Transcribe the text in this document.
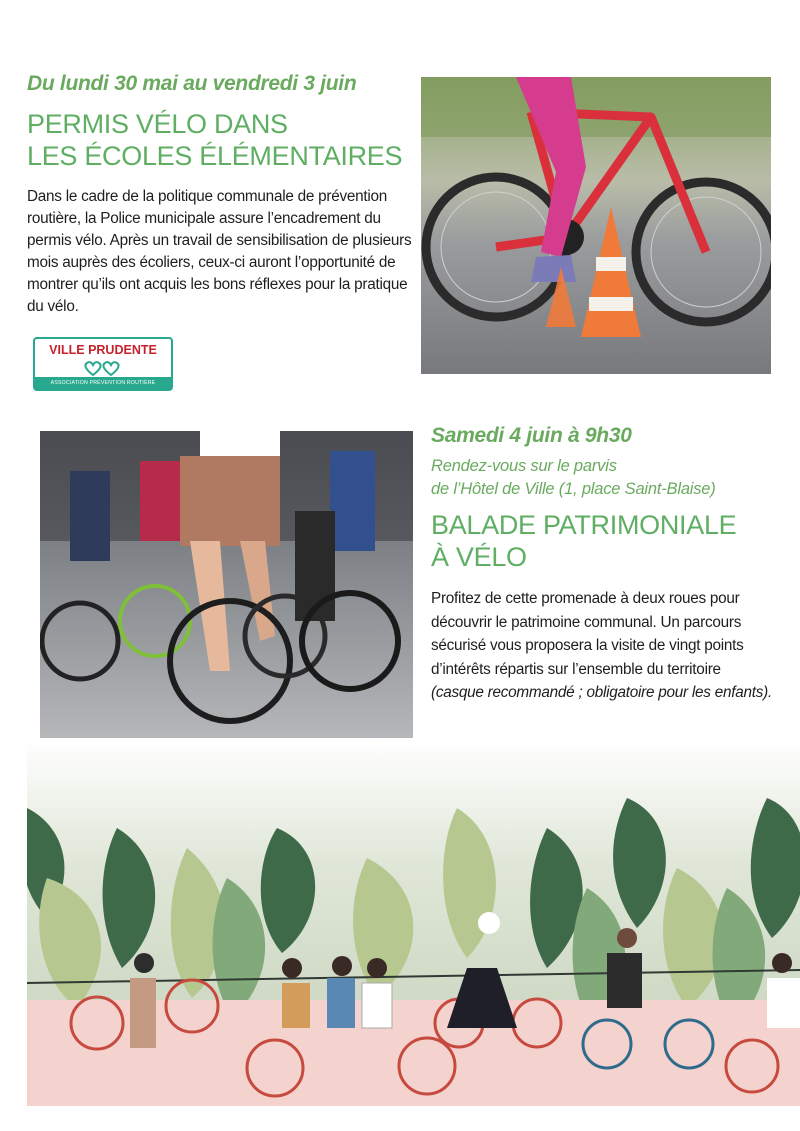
Du lundi 30 mai au vendredi 3 juin
PERMIS VÉLO DANS
LES ÉCOLES ÉLÉMENTAIRES
Dans le cadre de la politique communale de prévention routière, la Police municipale assure l’encadrement du permis vélo. Après un travail de sensibilisation de plusieurs mois auprès des écoliers, ceux-ci auront l’opportunité de montrer qu’ils ont acquis les bons réflexes pour la pratique du vélo.
VILLE PRUDENTE
ASSOCIATION PRÉVENTION ROUTIÈRE
Samedi 4 juin à 9h30
Rendez-vous sur le parvis
de l’Hôtel de Ville (1, place Saint-Blaise)
BALADE PATRIMONIALE
À VÉLO
Profitez de cette promenade à deux roues pour découvrir le patrimoine communal. Un parcours sécurisé vous proposera la visite de vingt points d’intérêts répartis sur l’ensemble du territoire (casque recommandé ; obligatoire pour les enfants).
